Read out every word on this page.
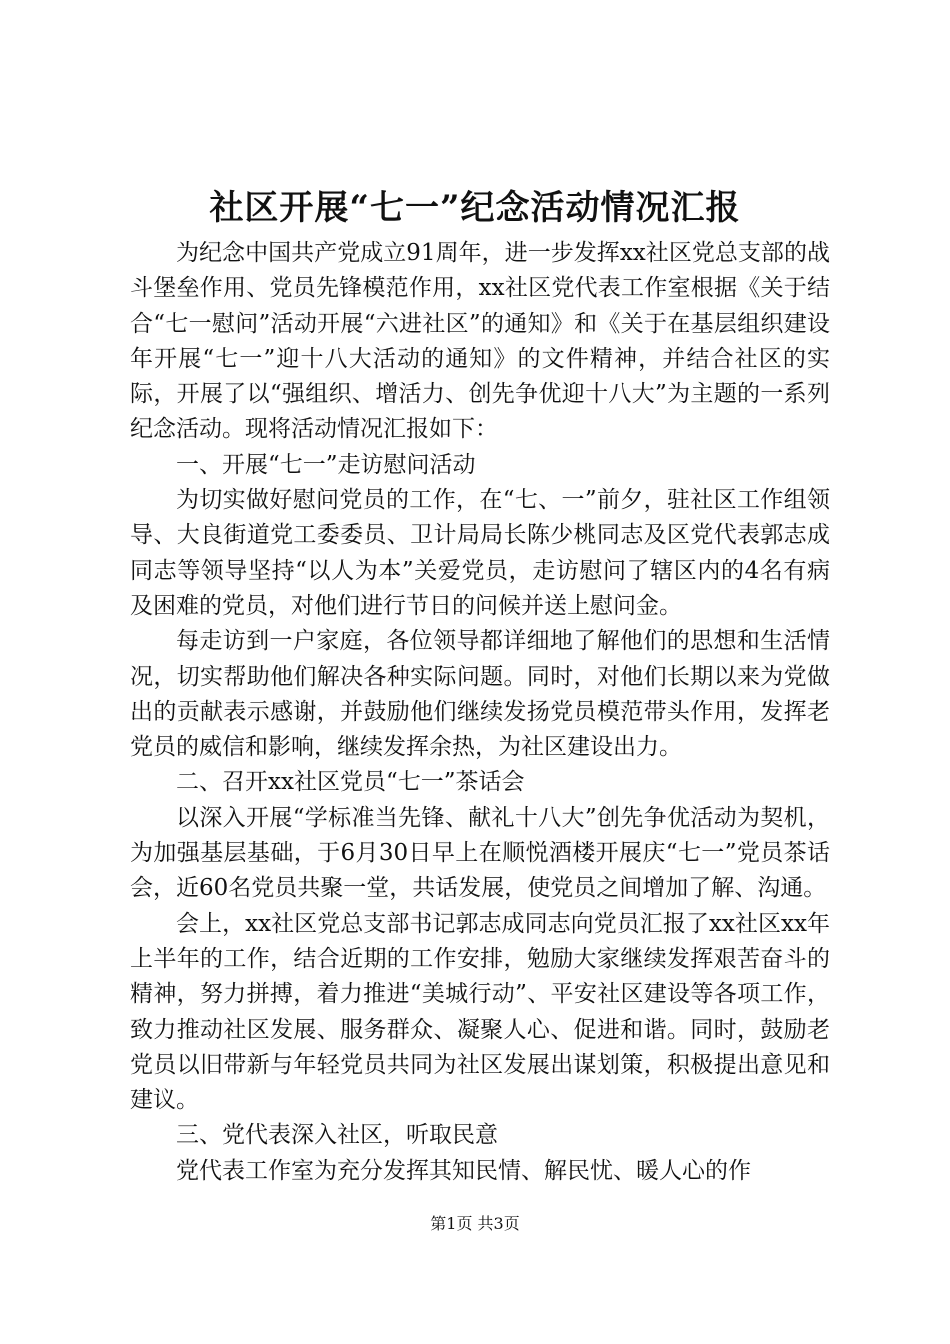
社区开展“七一”纪念活动情况汇报

为纪念中国共产党成立91周年，进一步发挥xx社区党总支部的战斗堡垒作用、党员先锋模范作用，xx社区党代表工作室根据《关于结合“七一慰问”活动开展“六进社区”的通知》和《关于在基层组织建设年开展“七一”迎十八大活动的通知》的文件精神，并结合社区的实际，开展了以“强组织、增活力、创先争优迎十八大”为主题的一系列纪念活动。现将活动情况汇报如下：

一、开展“七一”走访慰问活动

为切实做好慰问党员的工作，在“七、一”前夕，驻社区工作组领导、大良街道党工委委员、卫计局局长陈少桃同志及区党代表郭志成同志等领导坚持“以人为本”关爱党员，走访慰问了辖区内的4名有病及困难的党员，对他们进行节日的问候并送上慰问金。

每走访到一户家庭，各位领导都详细地了解他们的思想和生活情况，切实帮助他们解决各种实际问题。同时，对他们长期以来为党做出的贡献表示感谢，并鼓励他们继续发扬党员模范带头作用，发挥老党员的威信和影响，继续发挥余热，为社区建设出力。

二、召开xx社区党员“七一”茶话会

以深入开展“学标准当先锋、献礼十八大”创先争优活动为契机，为加强基层基础，于6月30日早上在顺悦酒楼开展庆“七一”党员茶话会，近60名党员共聚一堂，共话发展，使党员之间增加了解、沟通。

会上，xx社区党总支部书记郭志成同志向党员汇报了xx社区xx年上半年的工作，结合近期的工作安排，勉励大家继续发挥艰苦奋斗的精神，努力拼搏，着力推进“美城行动”、平安社区建设等各项工作，致力推动社区发展、服务群众、凝聚人心、促进和谐。同时，鼓励老党员以旧带新与年轻党员共同为社区发展出谋划策，积极提出意见和建议。

三、党代表深入社区，听取民意

党代表工作室为充分发挥其知民情、解民忧、暖人心的作

第1页 共3页
